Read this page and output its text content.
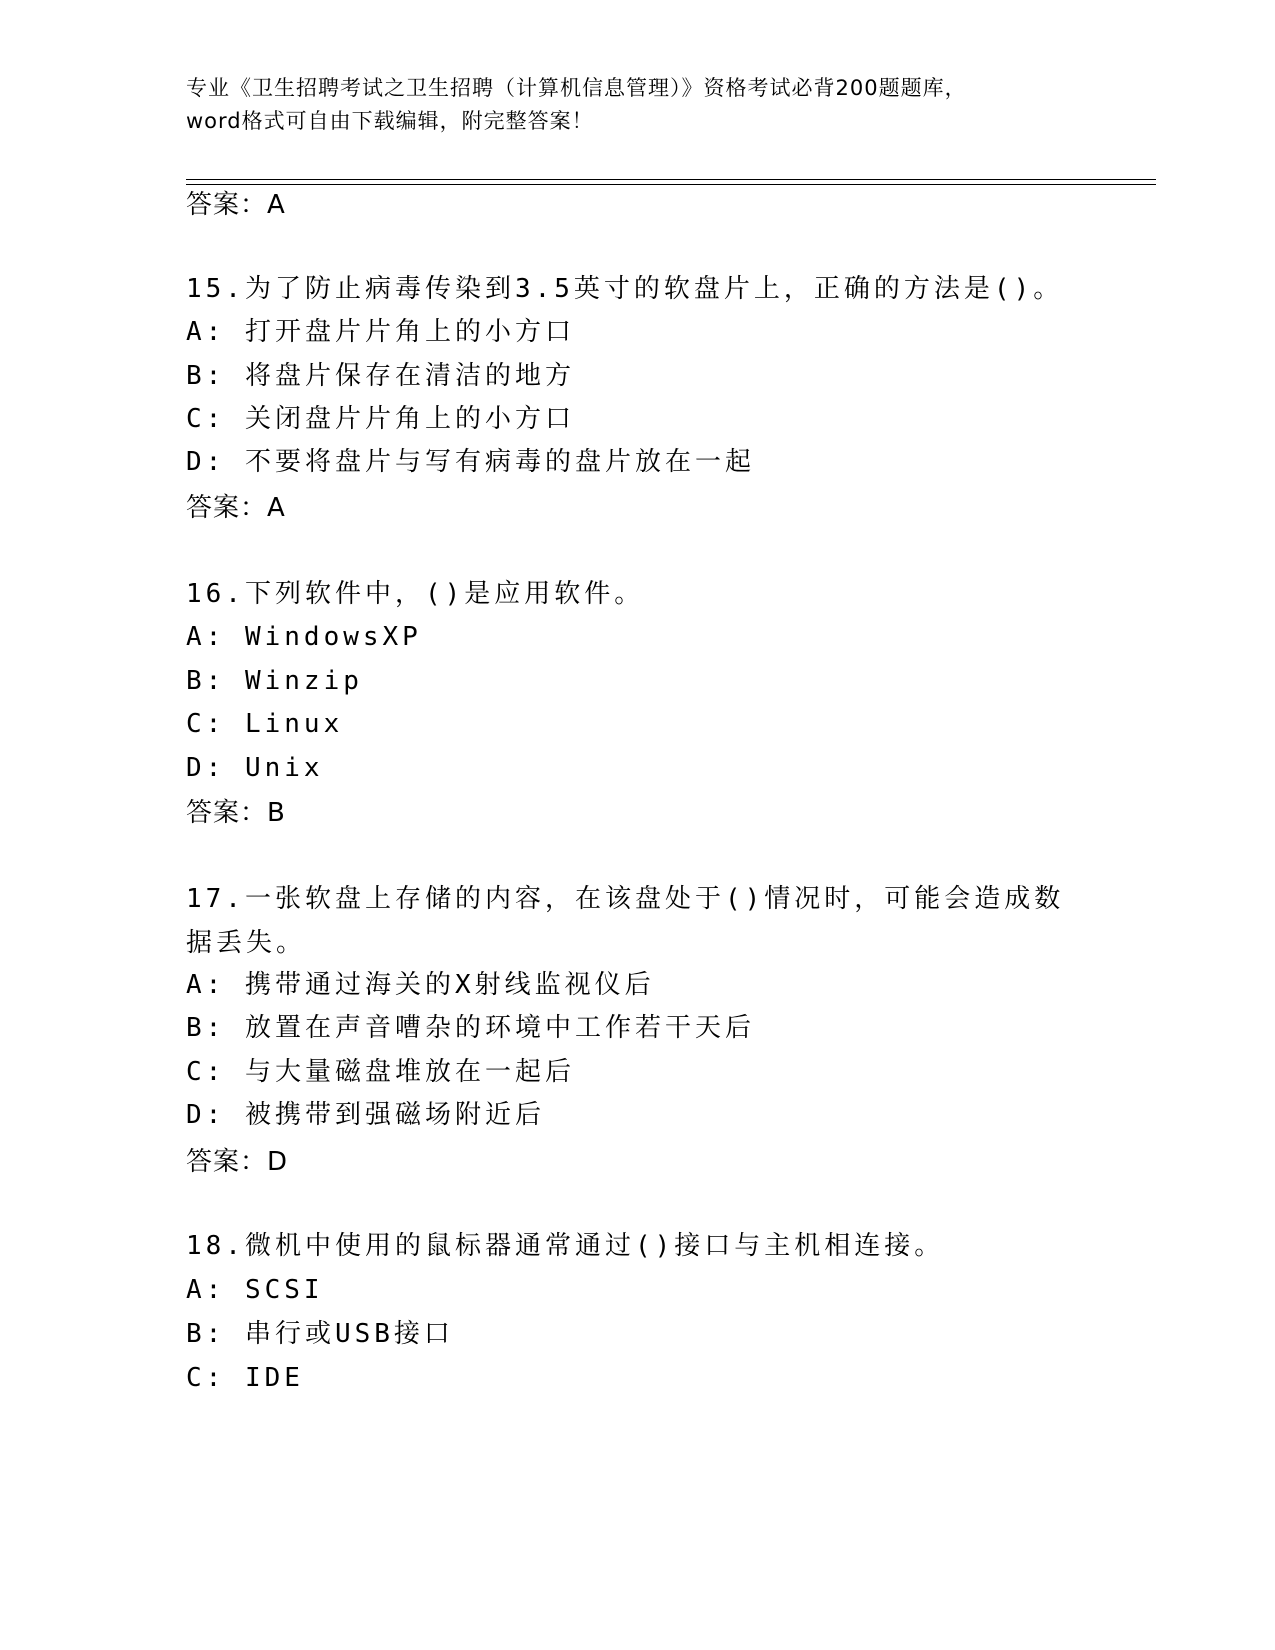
专业《卫生招聘考试之卫生招聘（计算机信息管理）》资格考试必背200题题库，
word格式可自由下载编辑，附完整答案！
答案：A
15.为了防止病毒传染到3.5英寸的软盘片上，正确的方法是()。
A: 打开盘片片角上的小方口
B: 将盘片保存在清洁的地方
C: 关闭盘片片角上的小方口
D: 不要将盘片与写有病毒的盘片放在一起
答案：A
16.下列软件中，()是应用软件。
A: WindowsXP
B: Winzip
C: Linux
D: Unix
答案：B
17.一张软盘上存储的内容，在该盘处于()情况时，可能会造成数据丢失。
A: 携带通过海关的X射线监视仪后
B: 放置在声音嘈杂的环境中工作若干天后
C: 与大量磁盘堆放在一起后
D: 被携带到强磁场附近后
答案：D
18.微机中使用的鼠标器通常通过()接口与主机相连接。
A: SCSI
B: 串行或USB接口
C: IDE
